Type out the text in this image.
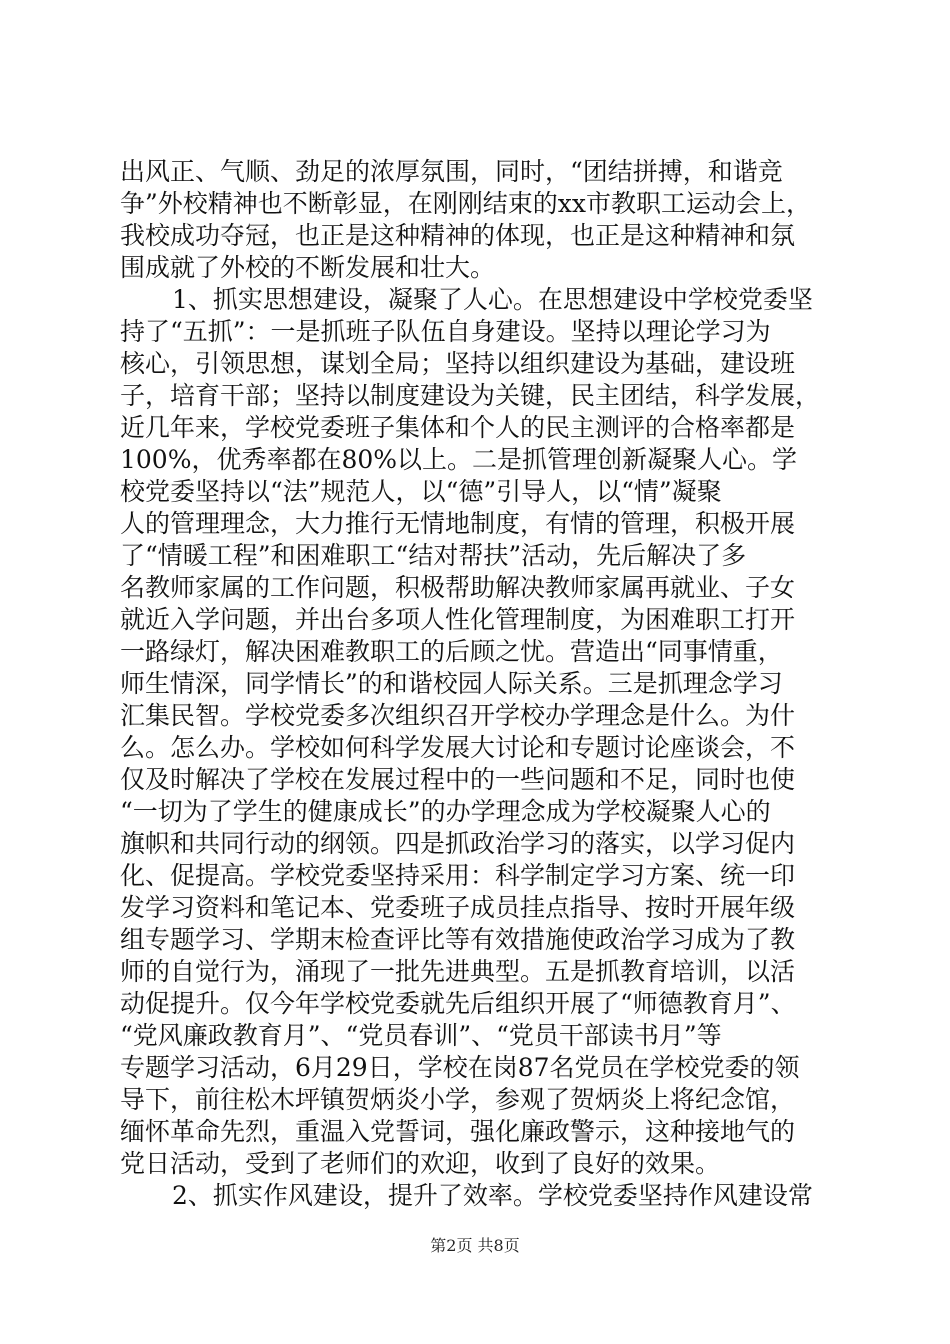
出风正、气顺、劲足的浓厚氛围，同时，“团结拼搏，和谐竞
争”外校精神也不断彰显，在刚刚结束的xx市教职工运动会上，
我校成功夺冠，也正是这种精神的体现，也正是这种精神和氛
围成就了外校的不断发展和壮大。
1、抓实思想建设，凝聚了人心。在思想建设中学校党委坚
持了“五抓”：一是抓班子队伍自身建设。坚持以理论学习为
核心，引领思想，谋划全局；坚持以组织建设为基础，建设班
子，培育干部；坚持以制度建设为关键，民主团结，科学发展，
近几年来，学校党委班子集体和个人的民主测评的合格率都是
100%，优秀率都在80%以上。二是抓管理创新凝聚人心。学
校党委坚持以“法”规范人，以“德”引导人，以“情”凝聚
人的管理理念，大力推行无情地制度，有情的管理，积极开展
了“情暖工程”和困难职工“结对帮扶”活动，先后解决了多
名教师家属的工作问题，积极帮助解决教师家属再就业、子女
就近入学问题，并出台多项人性化管理制度，为困难职工打开
一路绿灯，解决困难教职工的后顾之忧。营造出“同事情重，
师生情深，同学情长”的和谐校园人际关系。三是抓理念学习
汇集民智。学校党委多次组织召开学校办学理念是什么。为什
么。怎么办。学校如何科学发展大讨论和专题讨论座谈会，不
仅及时解决了学校在发展过程中的一些问题和不足，同时也使
“一切为了学生的健康成长”的办学理念成为学校凝聚人心的
旗帜和共同行动的纲领。四是抓政治学习的落实，以学习促内
化、促提高。学校党委坚持采用：科学制定学习方案、统一印
发学习资料和笔记本、党委班子成员挂点指导、按时开展年级
组专题学习、学期末检查评比等有效措施使政治学习成为了教
师的自觉行为，涌现了一批先进典型。五是抓教育培训，以活
动促提升。仅今年学校党委就先后组织开展了“师德教育月”、
“党风廉政教育月”、“党员春训”、“党员干部读书月”等
专题学习活动，6月29日，学校在岗87名党员在学校党委的领
导下，前往松木坪镇贺炳炎小学，参观了贺炳炎上将纪念馆，
缅怀革命先烈，重温入党誓词，强化廉政警示，这种接地气的
党日活动，受到了老师们的欢迎，收到了良好的效果。
2、抓实作风建设，提升了效率。学校党委坚持作风建设常
第2页 共8页
